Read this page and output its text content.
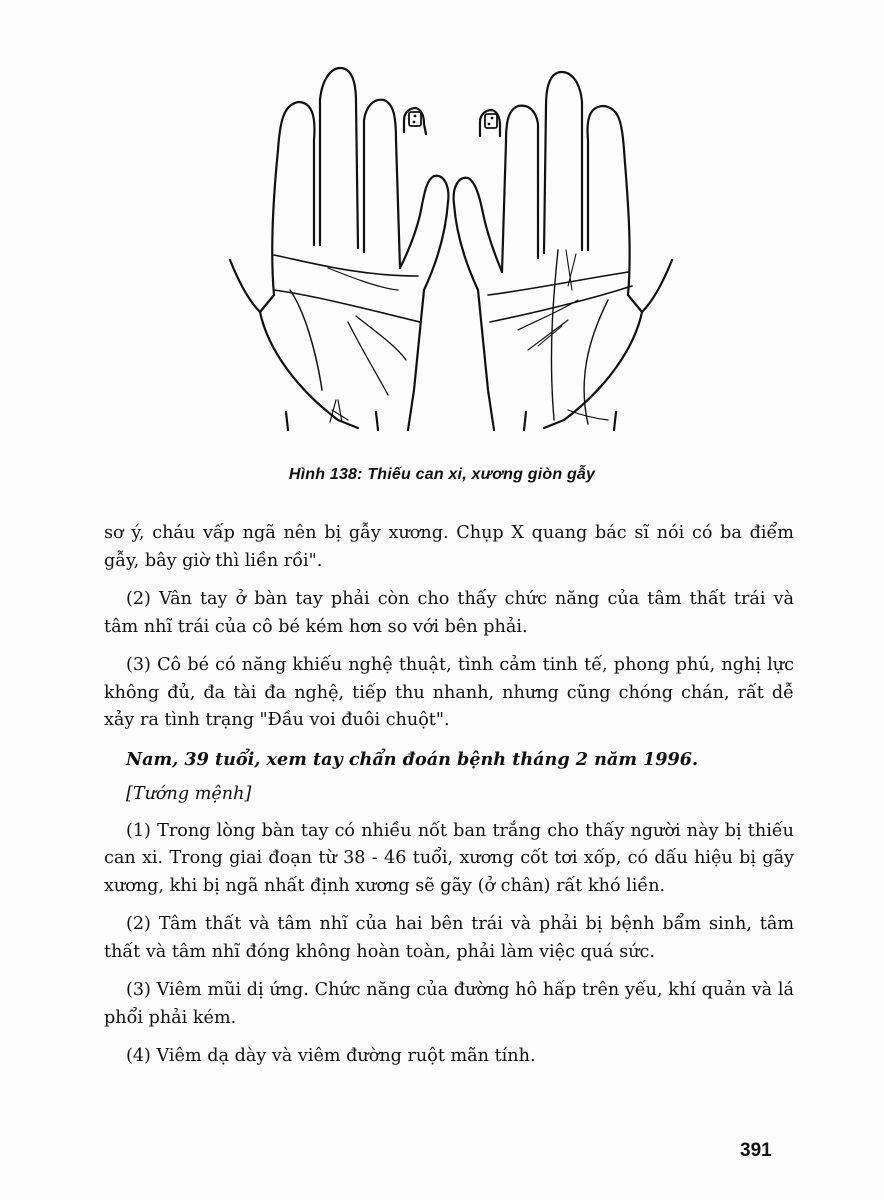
Hình 138: Thiếu can xi, xương giòn gẫy

sơ ý, cháu vấp ngã nên bị gẫy xương. Chụp X quang bác sĩ nói có ba điểm gẫy, bây giờ thì liền rồi".

(2) Vân tay ở bàn tay phải còn cho thấy chức năng của tâm thất trái và tâm nhĩ trái của cô bé kém hơn so với bên phải.

(3) Cô bé có năng khiếu nghệ thuật, tình cảm tinh tế, phong phú, nghị lực không đủ, đa tài đa nghệ, tiếp thu nhanh, nhưng cũng chóng chán, rất dễ xảy ra tình trạng "Đầu voi đuôi chuột".

Nam, 39 tuổi, xem tay chẩn đoán bệnh tháng 2 năm 1996.

[Tướng mệnh]

(1) Trong lòng bàn tay có nhiều nốt ban trắng cho thấy người này bị thiếu can xi. Trong giai đoạn từ 38 - 46 tuổi, xương cốt tơi xốp, có dấu hiệu bị gãy xương, khi bị ngã nhất định xương sẽ gãy (ở chân) rất khó liền.

(2) Tâm thất và tâm nhĩ của hai bên trái và phải bị bệnh bẩm sinh, tâm thất và tâm nhĩ đóng không hoàn toàn, phải làm việc quá sức.

(3) Viêm mũi dị ứng. Chức năng của đường hô hấp trên yếu, khí quản và lá phổi phải kém.

(4) Viêm dạ dày và viêm đường ruột mãn tính.

391
